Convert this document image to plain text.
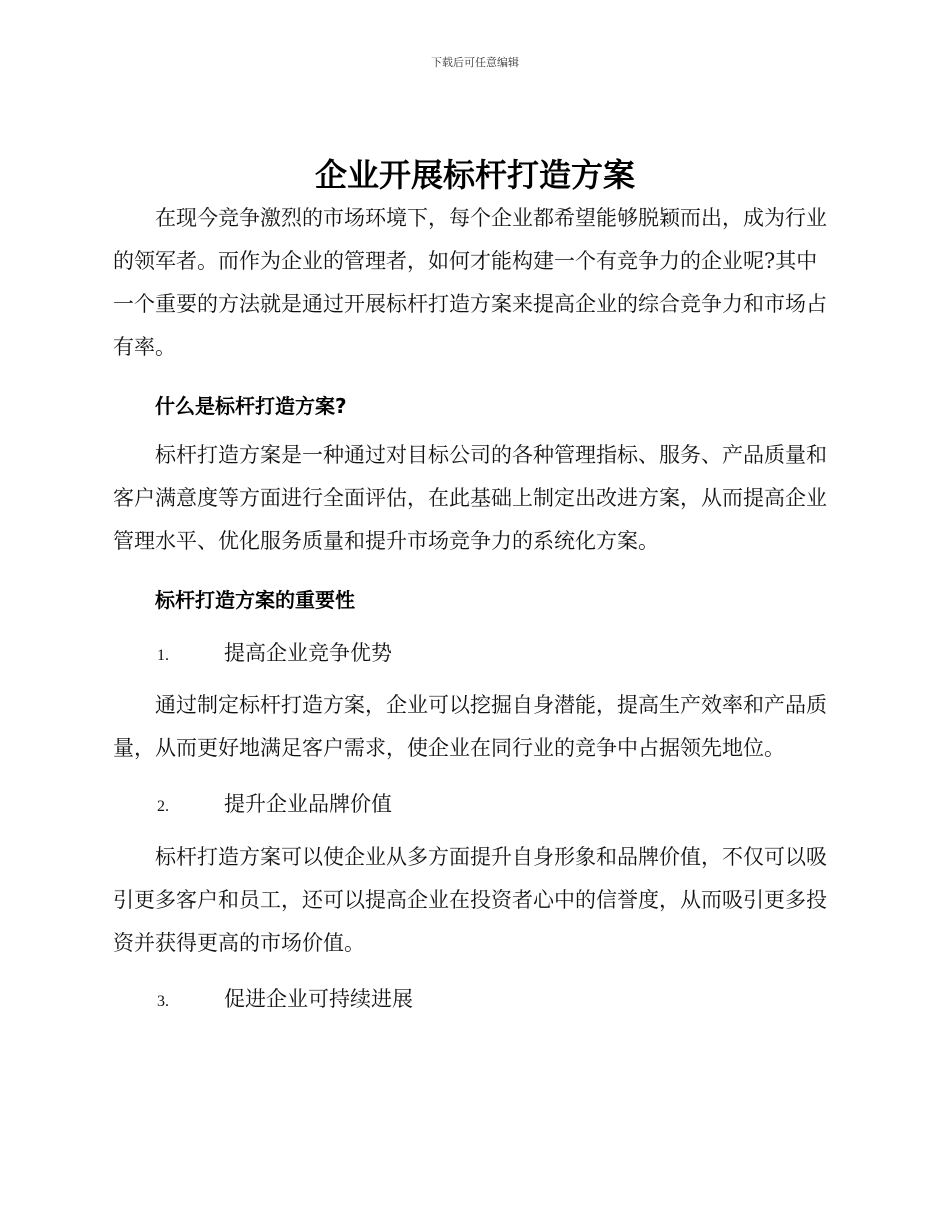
下载后可任意编辑
企业开展标杆打造方案

在现今竞争激烈的市场环境下，每个企业都希望能够脱颖而出，成为行业的领军者。而作为企业的管理者，如何才能构建一个有竞争力的企业呢?其中一个重要的方法就是通过开展标杆打造方案来提高企业的综合竞争力和市场占有率。

什么是标杆打造方案?

标杆打造方案是一种通过对目标公司的各种管理指标、服务、产品质量和客户满意度等方面进行全面评估，在此基础上制定出改进方案，从而提高企业管理水平、优化服务质量和提升市场竞争力的系统化方案。

标杆打造方案的重要性
1.	提高企业竞争优势

通过制定标杆打造方案，企业可以挖掘自身潜能，提高生产效率和产品质量，从而更好地满足客户需求，使企业在同行业的竞争中占据领先地位。

2.	提升企业品牌价值

标杆打造方案可以使企业从多方面提升自身形象和品牌价值，不仅可以吸引更多客户和员工，还可以提高企业在投资者心中的信誉度，从而吸引更多投资并获得更高的市场价值。

3.	促进企业可持续进展
